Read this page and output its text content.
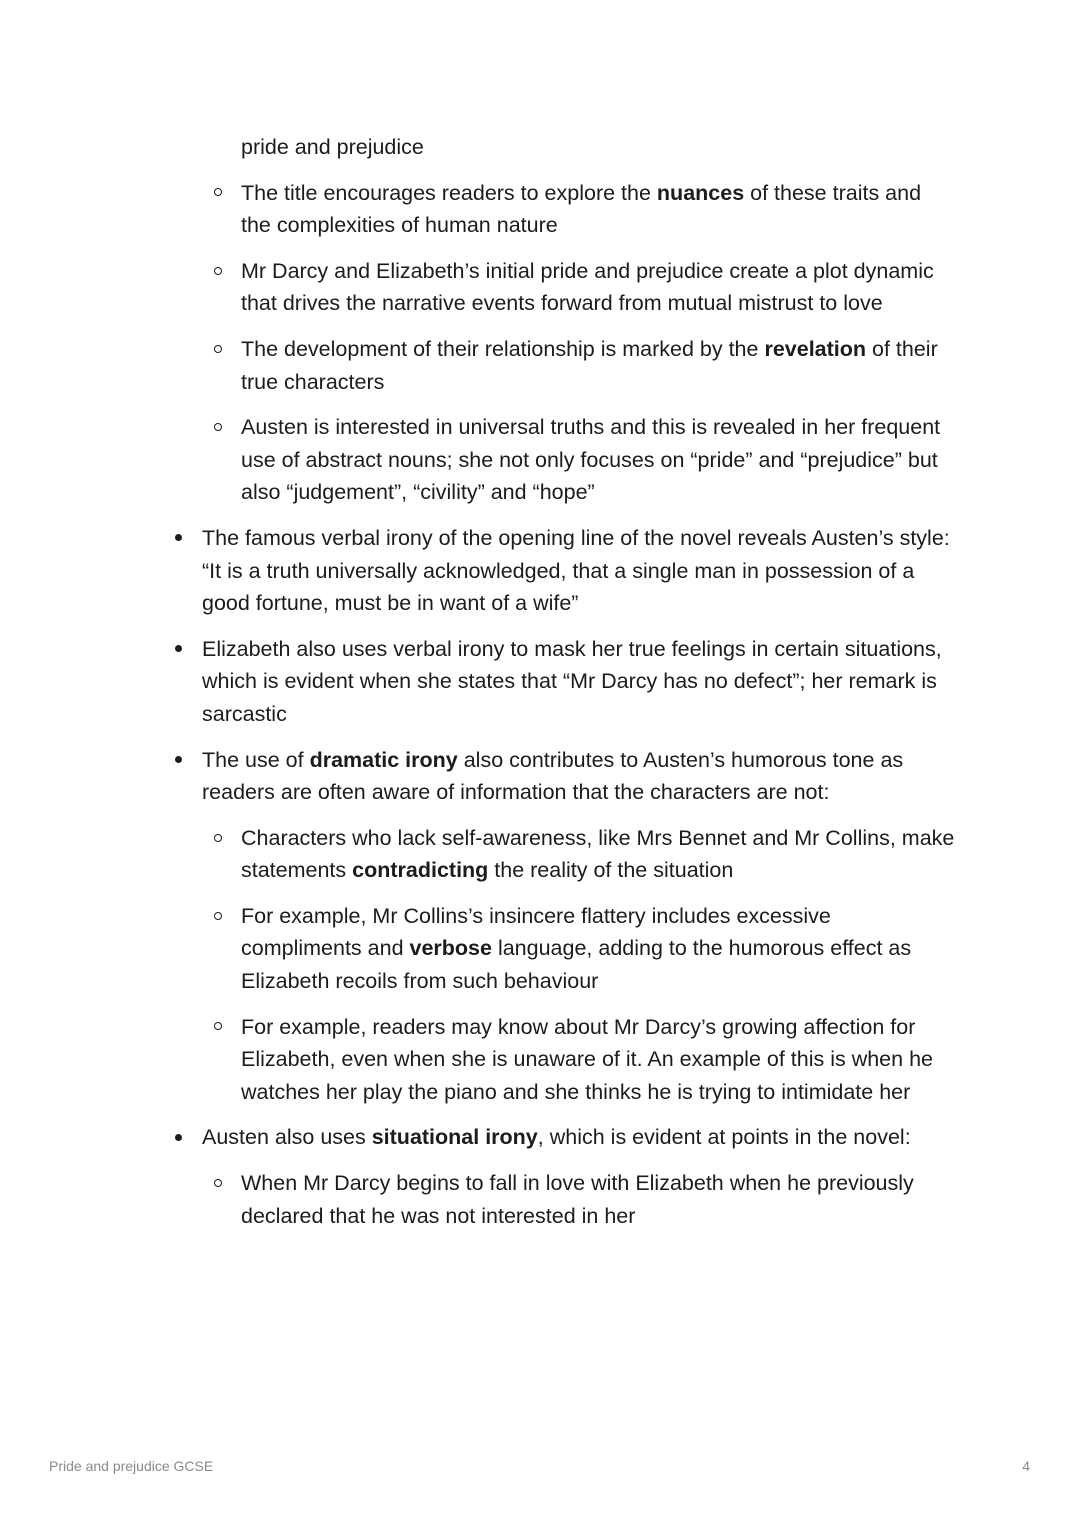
pride and prejudice
The title encourages readers to explore the nuances of these traits and the complexities of human nature
Mr Darcy and Elizabeth’s initial pride and prejudice create a plot dynamic that drives the narrative events forward from mutual mistrust to love
The development of their relationship is marked by the revelation of their true characters
Austen is interested in universal truths and this is revealed in her frequent use of abstract nouns; she not only focuses on “pride” and “prejudice” but also “judgement”, “civility” and “hope”
The famous verbal irony of the opening line of the novel reveals Austen’s style: “It is a truth universally acknowledged, that a single man in possession of a good fortune, must be in want of a wife”
Elizabeth also uses verbal irony to mask her true feelings in certain situations, which is evident when she states that “Mr Darcy has no defect”; her remark is sarcastic
The use of dramatic irony also contributes to Austen’s humorous tone as readers are often aware of information that the characters are not:
Characters who lack self-awareness, like Mrs Bennet and Mr Collins, make statements contradicting the reality of the situation
For example, Mr Collins’s insincere flattery includes excessive compliments and verbose language, adding to the humorous effect as Elizabeth recoils from such behaviour
For example, readers may know about Mr Darcy’s growing affection for Elizabeth, even when she is unaware of it. An example of this is when he watches her play the piano and she thinks he is trying to intimidate her
Austen also uses situational irony, which is evident at points in the novel:
When Mr Darcy begins to fall in love with Elizabeth when he previously declared that he was not interested in her
Pride and prejudice GCSE	4
